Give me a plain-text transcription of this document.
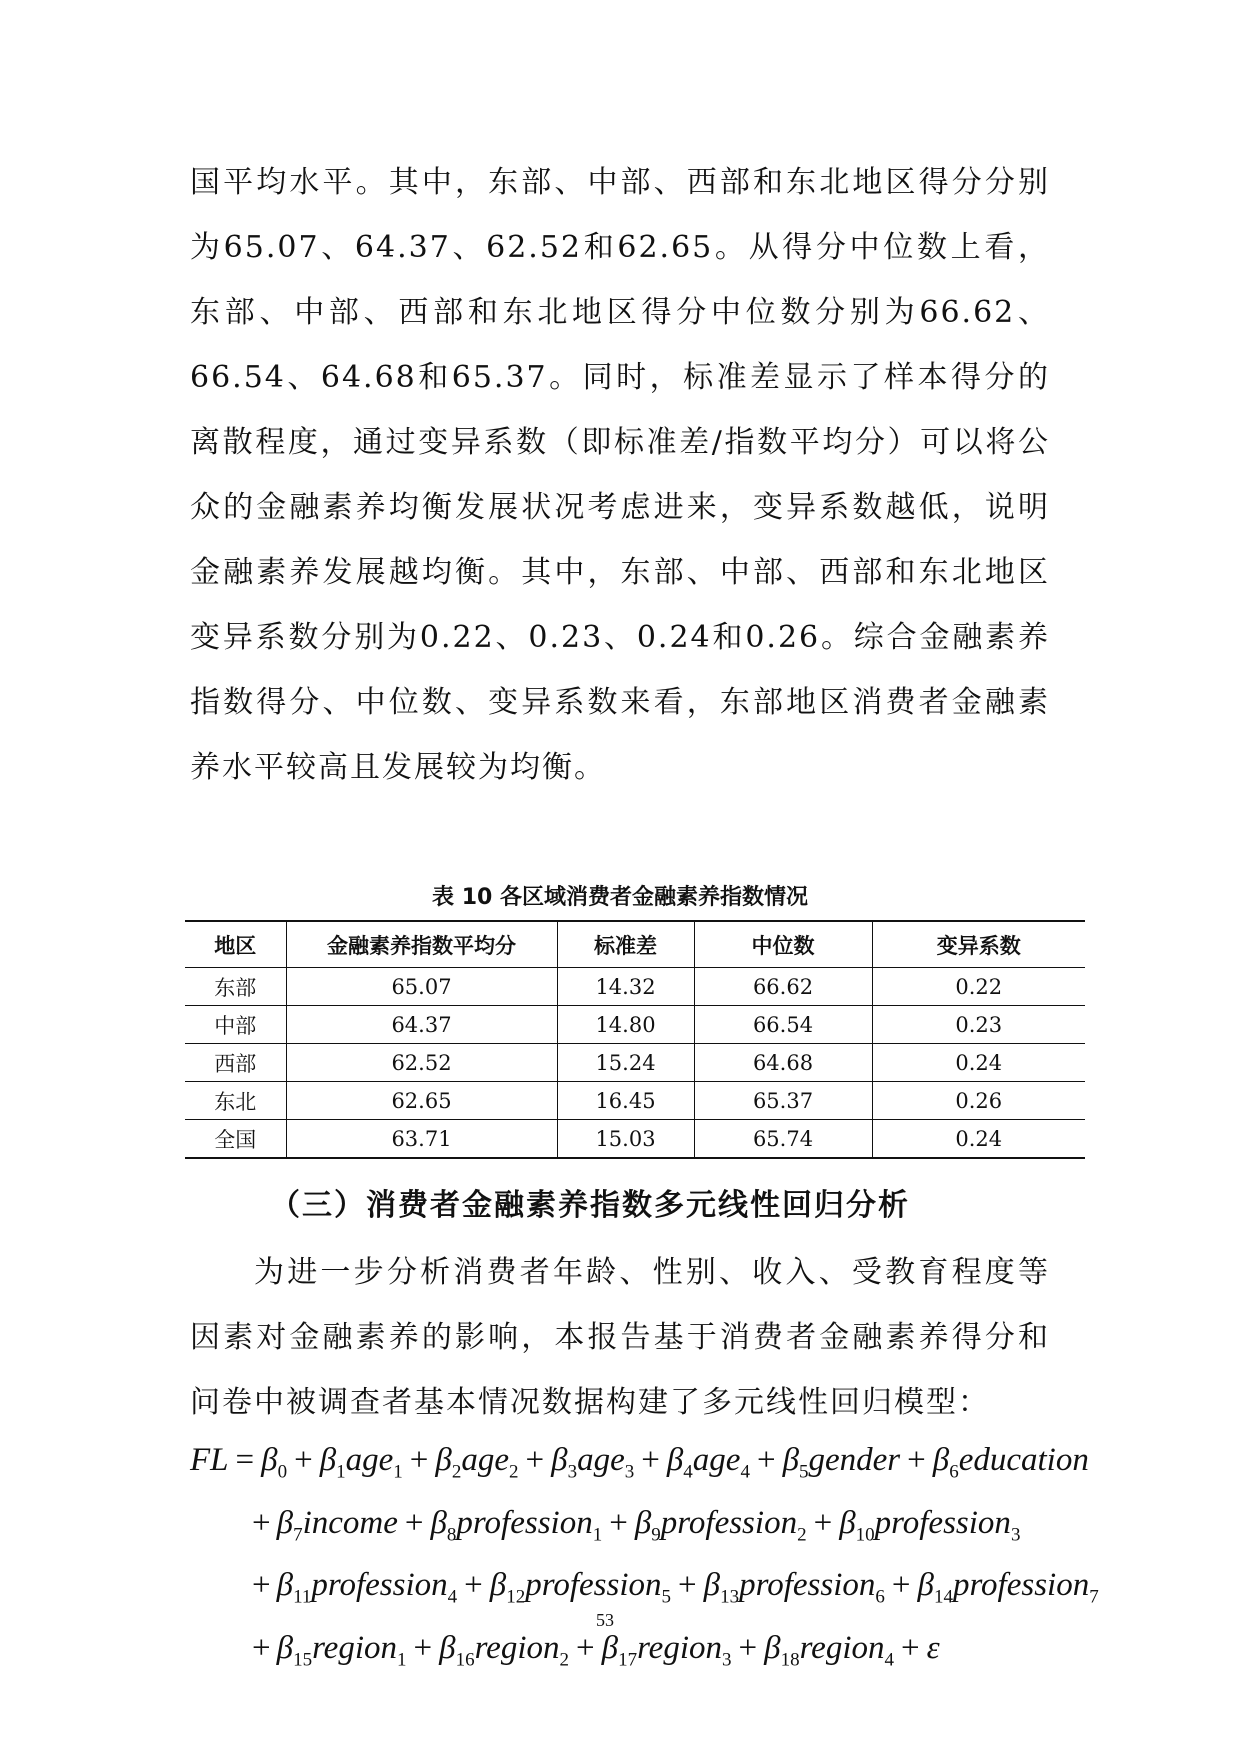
国平均水平。其中，东部、中部、西部和东北地区得分分别为65.07、64.37、62.52和62.65。从得分中位数上看，东部、中部、西部和东北地区得分中位数分别为66.62、66.54、64.68和65.37。同时，标准差显示了样本得分的离散程度，通过变异系数（即标准差/指数平均分）可以将公众的金融素养均衡发展状况考虑进来，变异系数越低，说明金融素养发展越均衡。其中，东部、中部、西部和东北地区变异系数分别为0.22、0.23、0.24和0.26。综合金融素养指数得分、中位数、变异系数来看，东部地区消费者金融素养水平较高且发展较为均衡。

表 10 各区域消费者金融素养指数情况
地区	金融素养指数平均分	标准差	中位数	变异系数
东部	65.07	14.32	66.62	0.22
中部	64.37	14.80	66.54	0.23
西部	62.52	15.24	64.68	0.24
东北	62.65	16.45	65.37	0.26
全国	63.71	15.03	65.74	0.24
（三）消费者金融素养指数多元线性回归分析

为进一步分析消费者年龄、性别、收入、受教育程度等因素对金融素养的影响，本报告基于消费者金融素养得分和问卷中被调查者基本情况数据构建了多元线性回归模型：

FL = $\beta_0 + \beta_1age_1 + \beta_2age_2 + \beta_3age_3 + \beta_4age_4$ + $\beta_5gender$ + $\beta_6education$
+ $\beta_7income$ + $\beta_8profession_1$ + $\beta_9profession_2$ + $\beta_{10}profession_3$
+ $\beta_{11}profession_4$ + $\beta_{12}profession_5$ + $\beta_{13}profession_6$ + $\beta_{14}profession_7$
+ $\beta_{15}region_1$ + $\beta_{16}region_2$ + $\beta_{17}region_3$ + $\beta_{18}region_4 + \varepsilon$
53
